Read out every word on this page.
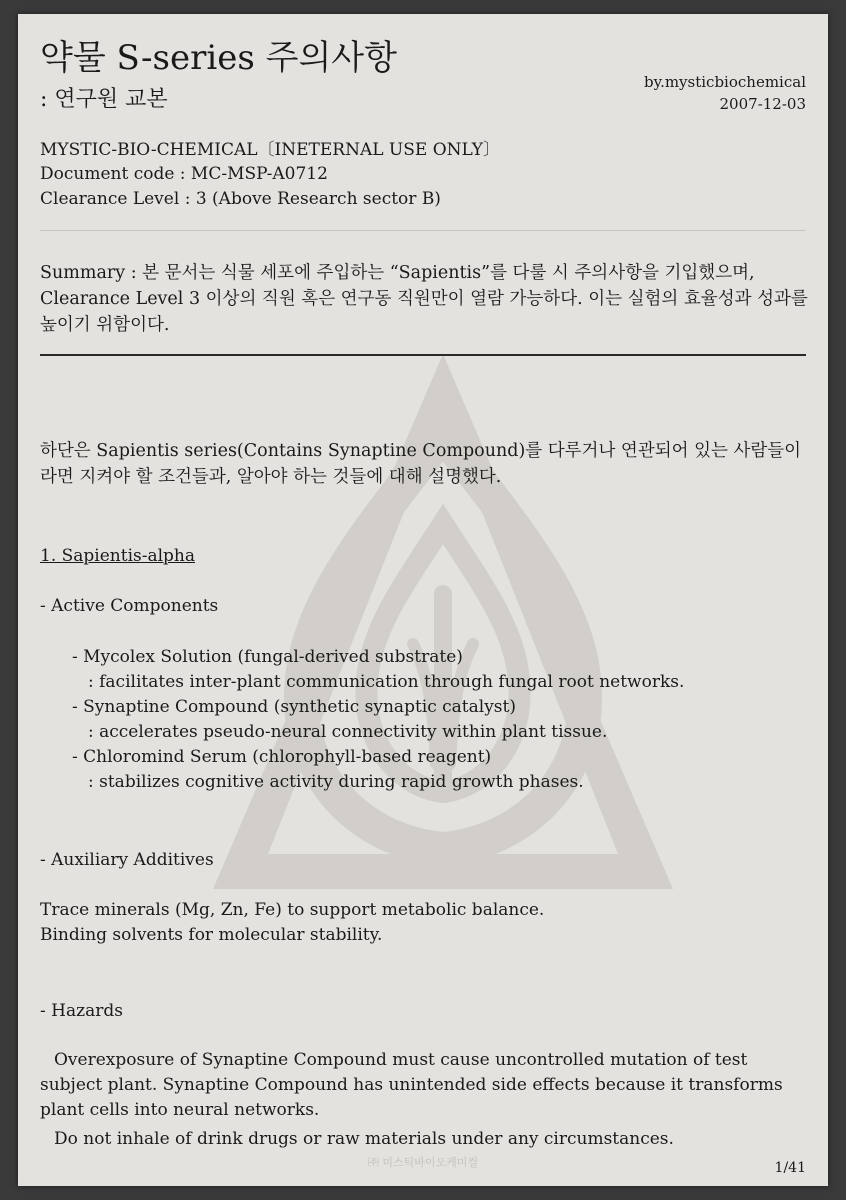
약물 S-series 주의사항
: 연구원 교본
by.mysticbiochemical
2007-12-03
MYSTIC-BIO-CHEMICAL〔INETERNAL USE ONLY〕
Document code : MC-MSP-A0712
Clearance Level : 3 (Above Research sector B)
Summary : 본 문서는 식물 세포에 주입하는 “Sapientis”를 다룰 시 주의사항을 기입했으며, Clearance Level 3 이상의 직원 혹은 연구동 직원만이 열람 가능하다. 이는 실험의 효율성과 성과를 높이기 위함이다.
하단은 Sapientis series(Contains Synaptine Compound)를 다루거나 연관되어 있는 사람들이라면 지켜야 할 조건들과, 알아야 하는 것들에 대해 설명했다.
1. Sapientis-alpha
- Active Components
- Mycolex Solution (fungal-derived substrate)
: facilitates inter-plant communication through fungal root networks.
- Synaptine Compound (synthetic synaptic catalyst)
: accelerates pseudo-neural connectivity within plant tissue.
- Chloromind Serum (chlorophyll-based reagent)
: stabilizes cognitive activity during rapid growth phases.
- Auxiliary Additives
Trace minerals (Mg, Zn, Fe) to support metabolic balance.
Binding solvents for molecular stability.
- Hazards
Overexposure of Synaptine Compound must cause uncontrolled mutation of test subject plant. Synaptine Compound has unintended side effects because it transforms plant cells into neural networks.
Do not inhale of drink drugs or raw materials under any circumstances.
㈜ 미스틱바이오케미컬	1/41
